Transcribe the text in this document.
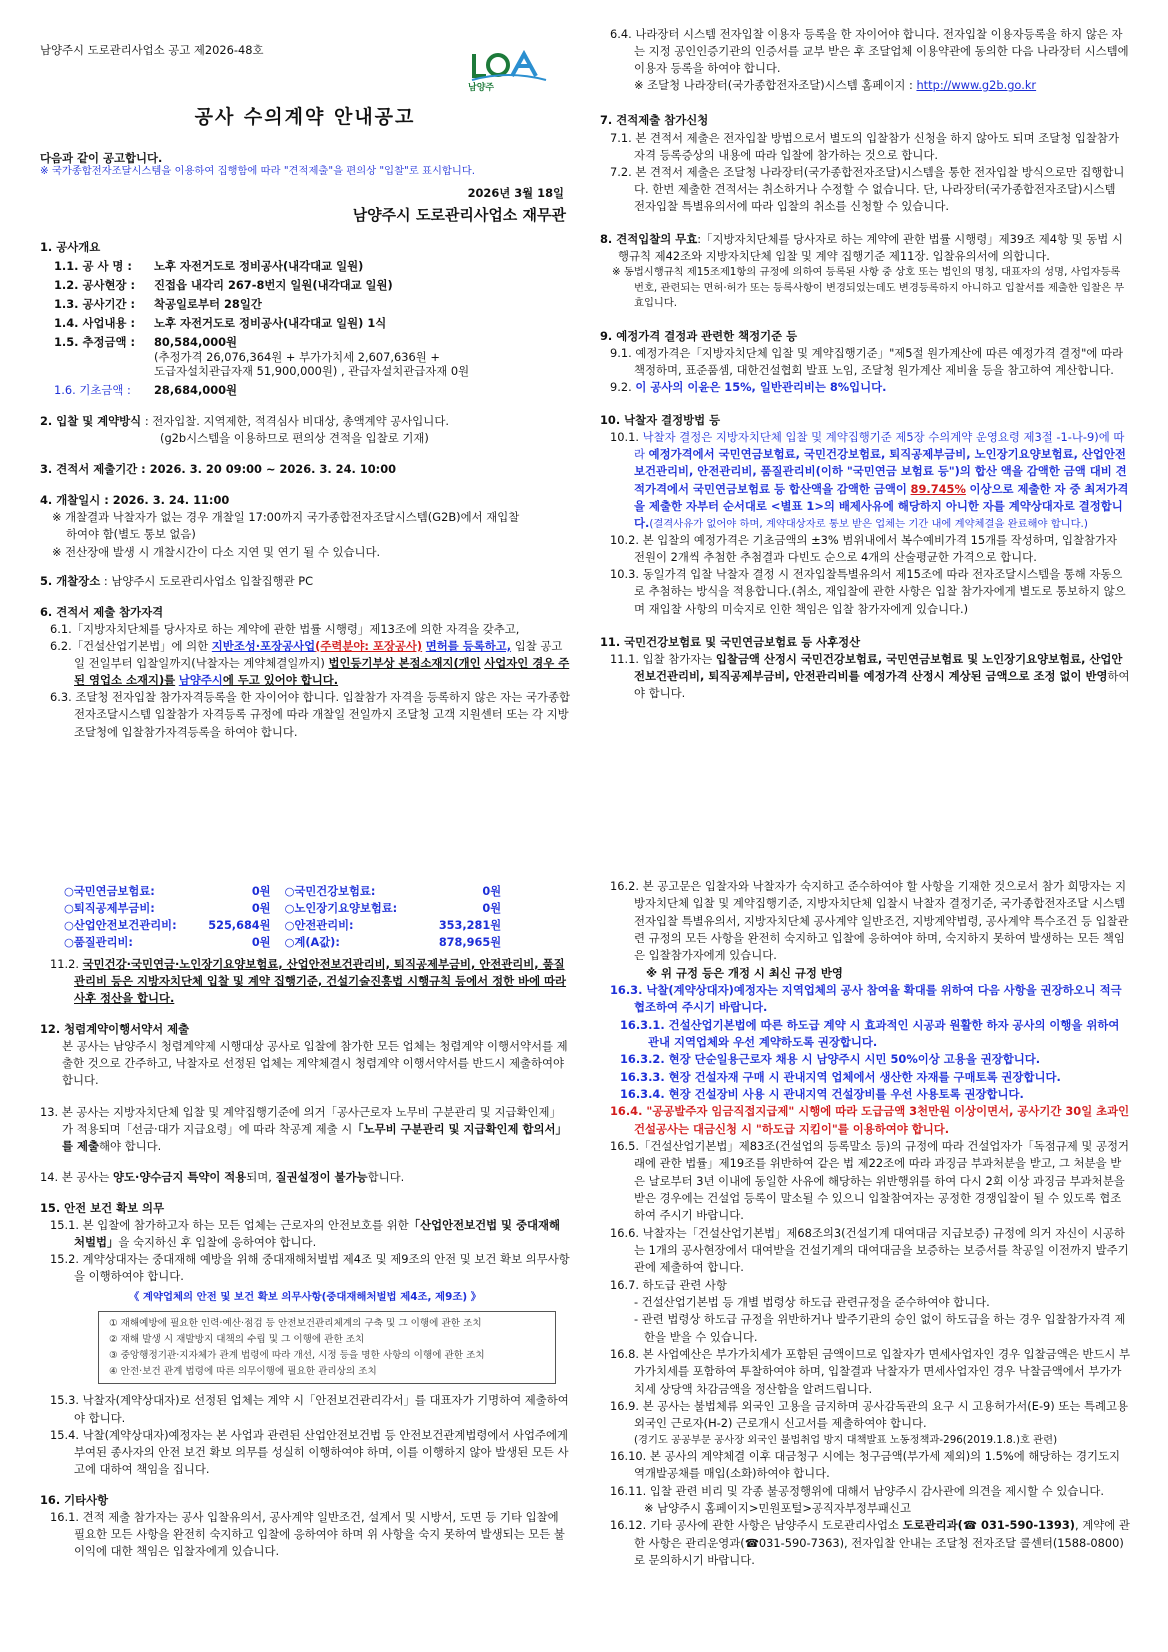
남양주시 도로관리사업소 공고 제2026-48호

공사 수의계약 안내공고

다음과 같이 공고합니다.

※ 국가종합전자조달시스템을 이용하여 집행함에 따라 "견적제출"을 편의상 "입찰"로 표시합니다.

2026년 3월 18일

남양주시 도로관리사업소 재무관

1. 공사개요

1.1. 공 사 명 :	노후 자전거도로 정비공사(내각대교 일원)
1.2. 공사현장 :	진접읍 내각리 267-8번지 일원(내각대교 일원)
1.3. 공사기간 :	착공일로부터 28일간
1.4. 사업내용 :	노후 자전거도로 정비공사(내각대교 일원) 1식
1.5. 추정금액 :	80,584,000원
(추정가격 26,076,364원 + 부가가치세 2,607,636원 +
도급자설치관급자재 51,900,000원) , 관급자설치관급자재 0원
1.6. 기초금액 :	28,684,000원

2. 입찰 및 계약방식 : 전자입찰. 지역제한, 적격심사 비대상, 총액계약 공사입니다.

(g2b시스템을 이용하므로 편의상 견적을 입찰로 기재)

3. 견적서 제출기간 : 2026. 3. 20 09:00 ~ 2026. 3. 24. 10:00

4. 개찰일시 : 2026. 3. 24. 11:00

※ 개찰결과 낙찰자가 없는 경우 개찰일 17:00까지 국가종합전자조달시스템(G2B)에서 재입찰

하여야 함(별도 통보 없음)

※ 전산장애 발생 시 개찰시간이 다소 지연 및 연기 될 수 있습니다.

5. 개찰장소 : 남양주시 도로관리사업소 입찰집행관 PC

6. 견적서 제출 참가자격

6.1.「지방자치단체를 당사자로 하는 계약에 관한 법률 시행령」제13조에 의한 자격을 갖추고,

6.2.「건설산업기본법」에 의한 지반조성·포장공사업(주력분야: 포장공사) 면허를 등록하고, 입찰 공고일 전일부터 입찰일까지(낙찰자는 계약체결일까지) 법인등기부상 본점소재지(개인 사업자인 경우 주된 영업소 소재지)를 남양주시에 두고 있어야 합니다.

6.3. 조달청 전자입찰 참가자격등록을 한 자이어야 합니다. 입찰참가 자격을 등록하지 않은 자는 국가종합전자조달시스템 입찰참가 자격등록 규정에 따라 개찰일 전일까지 조달청 고객 지원센터 또는 각 지방조달청에 입찰참가자격등록을 하여야 합니다.

남양주

6.4. 나라장터 시스템 전자입찰 이용자 등록을 한 자이어야 합니다. 전자입찰 이용자등록을 하지 않은 자는 지정 공인인증기관의 인증서를 교부 받은 후 조달업체 이용약관에 동의한 다음 나라장터 시스템에 이용자 등록을 하여야 합니다.

※ 조달청 나라장터(국가종합전자조달)시스템 홈페이지 : http://www.g2b.go.kr

7. 견적제출 참가신청

7.1. 본 견적서 제출은 전자입찰 방법으로서 별도의 입찰참가 신청을 하지 않아도 되며 조달청 입찰참가 자격 등록증상의 내용에 따라 입찰에 참가하는 것으로 합니다.

7.2. 본 견적서 제출은 조달청 나라장터(국가종합전자조달)시스템을 통한 전자입찰 방식으로만 집행합니다. 한번 제출한 견적서는 취소하거나 수정할 수 없습니다. 단, 나라장터(국가종합전자조달)시스템 전자입찰 특별유의서에 따라 입찰의 취소를 신청할 수 있습니다.

8. 견적입찰의 무효:「지방자치단체를 당사자로 하는 계약에 관한 법률 시행령」제39조 제4항 및 동법 시행규칙 제42조와 지방자치단체 입찰 및 계약 집행기준 제11장. 입찰유의서에 의합니다.

※ 동법시행규칙 제15조제1항의 규정에 의하여 등록된 사항 중 상호 또는 법인의 명칭, 대표자의 성명, 사업자등록번호, 관련되는 면허·허가 또는 등록사항이 변경되었는데도 변경등록하지 아니하고 입찰서를 제출한 입찰은 무효입니다.

9. 예정가격 결정과 관련한 책정기준 등

9.1. 예정가격은「지방자치단체 입찰 및 계약집행기준」"제5절 원가계산에 따른 예정가격 결정"에 따라 책정하며, 표준품셈, 대한건설협회 발표 노임, 조달청 원가계산 제비율 등을 참고하여 계산합니다.

9.2. 이 공사의 이윤은 15%, 일반관리비는 8%입니다.

10. 낙찰자 결정방법 등

10.1. 낙찰자 결정은 지방자치단체 입찰 및 계약집행기준 제5장 수의계약 운영요령 제3절 -1-나-9)에 따라 예정가격에서 국민연금보험료, 국민건강보험료, 퇴직공제부금비, 노인장기요양보험료, 산업안전보건관리비, 안전관리비, 품질관리비(이하 "국민연금 보험료 등")의 합산 액을 감액한 금액 대비 견적가격에서 국민연금보험료 등 합산액을 감액한 금액이 89.745% 이상으로 제출한 자 중 최저가격을 제출한 자부터 순서대로 <별표 1>의 배제사유에 해당하지 아니한 자를 계약상대자로 결정합니다.(결격사유가 없어야 하며, 계약대상자로 통보 받은 업체는 기간 내에 계약체결을 완료해야 합니다.)

10.2. 본 입찰의 예정가격은 기초금액의 ±3% 범위내에서 복수예비가격 15개를 작성하며, 입찰참가자 전원이 2개씩 추첨한 추첨결과 다빈도 순으로 4개의 산술평균한 가격으로 합니다.

10.3. 동일가격 입찰 낙찰자 결정 시 전자입찰특별유의서 제15조에 따라 전자조달시스템을 통해 자동으로 추첨하는 방식을 적용합니다.(취소, 재입찰에 관한 사항은 입찰 참가자에게 별도로 통보하지 않으며 재입찰 사항의 미숙지로 인한 책임은 입찰 참가자에게 있습니다.)

11. 국민건강보험료 및 국민연금보험료 등 사후정산

11.1. 입찰 참가자는 입찰금액 산정시 국민건강보험료, 국민연금보험료 및 노인장기요양보험료, 산업안전보건관리비, 퇴직공제부금비, 안전관리비를 예정가격 산정시 계상된 금액으로 조정 없이 반영하여야 합니다.

○국민연금보험료:	0원	○국민건강보험료:	0원
○퇴직공제부금비:	0원	○노인장기요양보험료:	0원
○산업안전보건관리비:	525,684원	○안전관리비:	353,281원
○품질관리비:	0원	○계(A값):	878,965원

11.2. 국민건강·국민연금·노인장기요양보험료, 산업안전보건관리비, 퇴직공제부금비, 안전관리비, 품질관리비 등은 지방자치단체 입찰 및 계약 집행기준, 건설기술진흥법 시행규칙 등에서 정한 바에 따라 사후 정산을 합니다.

12. 청렴계약이행서약서 제출

본 공사는 남양주시 청렴계약제 시행대상 공사로 입찰에 참가한 모든 업체는 청렴계약 이행서약서를 제출한 것으로 간주하고, 낙찰자로 선정된 업체는 계약체결시 청렴계약 이행서약서를 반드시 제출하여야 합니다.

13. 본 공사는 지방자치단체 입찰 및 계약집행기준에 의거「공사근로자 노무비 구분관리 및 지급확인제」가 적용되며「선금·대가 지급요령」에 따라 착공계 제출 시「노무비 구분관리 및 지급확인제 합의서」를 제출해야 합니다.

14. 본 공사는 양도·양수금지 특약이 적용되며, 질권설정이 불가능합니다.

15. 안전 보건 확보 의무

15.1. 본 입찰에 참가하고자 하는 모든 업체는 근로자의 안전보호를 위한「산업안전보건법 및 중대재해처벌법」을 숙지하신 후 입찰에 응하여야 합니다.

15.2. 계약상대자는 중대재해 예방을 위해 중대재해처벌법 제4조 및 제9조의 안전 및 보건 확보 의무사항을 이행하여야 합니다.

《 계약업체의 안전 및 보건 확보 의무사항(중대재해처벌법 제4조, 제9조) 》

① 재해예방에 필요한 인력·예산·점검 등 안전보건관리체계의 구축 및 그 이행에 관한 조치
② 재해 발생 시 재발방지 대책의 수립 및 그 이행에 관한 조치
③ 중앙행정기관·지자체가 관계 법령에 따라 개선, 시정 등을 명한 사항의 이행에 관한 조치
④ 안전·보건 관계 법령에 따른 의무이행에 필요한 관리상의 조치

15.3. 낙찰자(계약상대자)로 선정된 업체는 계약 시「안전보건관리각서」를 대표자가 기명하여 제출하여야 합니다.

15.4. 낙찰(계약상대자)예정자는 본 사업과 관련된 산업안전보건법 등 안전보건관계법령에서 사업주에게 부여된 종사자의 안전 보건 확보 의무를 성실히 이행하여야 하며, 이를 이행하지 않아 발생된 모든 사고에 대하여 책임을 집니다.

16. 기타사항

16.1. 견적 제출 참가자는 공사 입찰유의서, 공사계약 일반조건, 설계서 및 시방서, 도면 등 기타 입찰에 필요한 모든 사항을 완전히 숙지하고 입찰에 응하여야 하며 위 사항을 숙지 못하여 발생되는 모든 불이익에 대한 책임은 입찰자에게 있습니다.

16.2. 본 공고문은 입찰자와 낙찰자가 숙지하고 준수하여야 할 사항을 기재한 것으로서 참가 희망자는 지방자치단체 입찰 및 계약집행기준, 지방자치단체 입찰시 낙찰자 결정기준, 국가종합전자조달 시스템 전자입찰 특별유의서, 지방자치단체 공사계약 일반조건, 지방계약법령, 공사계약 특수조건 등 입찰관련 규정의 모든 사항을 완전히 숙지하고 입찰에 응하여야 하며, 숙지하지 못하여 발생하는 모든 책임은 입찰참가자에게 있습니다.

※ 위 규정 등은 개정 시 최신 규정 반영

16.3. 낙찰(계약상대자)예정자는 지역업체의 공사 참여율 확대를 위하여 다음 사항을 권장하오니 적극 협조하여 주시기 바랍니다.

16.3.1. 건설산업기본법에 따른 하도급 계약 시 효과적인 시공과 원활한 하자 공사의 이행을 위하여 관내 지역업체와 우선 계약하도록 권장합니다.

16.3.2. 현장 단순일용근로자 채용 시 남양주시 시민 50%이상 고용을 권장합니다.

16.3.3. 현장 건설자재 구매 시 관내지역 업체에서 생산한 자재를 구매토록 권장합니다.

16.3.4. 현장 건설장비 사용 시 관내지역 건설장비를 우선 사용토록 권장합니다.

16.4. "공공발주자 임금직접지급제" 시행에 따라 도급금액 3천만원 이상이면서, 공사기간 30일 초과인 건설공사는 대금신청 시 "하도급 지킴이"를 이용하여야 합니다.

16.5.「건설산업기본법」제83조(건설업의 등록말소 등)의 규정에 따라 건설업자가「독점규제 및 공정거래에 관한 법률」제19조를 위반하여 같은 법 제22조에 따라 과징금 부과처분을 받고, 그 처분을 받은 날로부터 3년 이내에 동일한 사유에 해당하는 위반행위를 하여 다시 2회 이상 과징금 부과처분을 받은 경우에는 건설업 등록이 말소될 수 있으니 입찰참여자는 공정한 경쟁입찰이 될 수 있도록 협조하여 주시기 바랍니다.

16.6. 낙찰자는「건설산업기본법」제68조의3(건설기계 대여대금 지급보증) 규정에 의거 자신이 시공하는 1개의 공사현장에서 대여받을 건설기계의 대여대금을 보증하는 보증서를 착공일 이전까지 발주기관에 제출하여 합니다.

16.7. 하도급 관련 사항

- 건설산업기본법 등 개별 법령상 하도급 관련규정을 준수하여야 합니다.

- 관련 법령상 하도급 규정을 위반하거나 발주기관의 승인 없이 하도급을 하는 경우 입찰참가자격 제한을 받을 수 있습니다.

16.8. 본 사업예산은 부가가치세가 포함된 금액이므로 입찰자가 면세사업자인 경우 입찰금액은 반드시 부가가치세를 포함하여 투찰하여야 하며, 입찰결과 낙찰자가 면세사업자인 경우 낙찰금액에서 부가가치세 상당액 차감금액을 정산함을 알려드립니다.

16.9. 본 공사는 불법체류 외국인 고용을 금지하며 공사감독관의 요구 시 고용허가서(E-9) 또는 특례고용 외국인 근로자(H-2) 근로개시 신고서를 제출하여야 합니다.

(경기도 공공부문 공사장 외국인 불법취업 방지 대책발표 노동정책과-296(2019.1.8.)호 관련)

16.10. 본 공사의 계약체결 이후 대금청구 시에는 청구금액(부가세 제외)의 1.5%에 해당하는 경기도지역개발공채를 매입(소화)하여야 합니다.

16.11. 입찰 관련 비리 및 각종 불공정행위에 대해서 남양주시 감사관에 의견을 제시할 수 있습니다.

※ 남양주시 홈페이지>민원포털>공직자부정부패신고

16.12. 기타 공사에 관한 사항은 남양주시 도로관리사업소 도로관리과(☎ 031-590-1393), 계약에 관한 사항은 관리운영과(☎031-590-7363), 전자입찰 안내는 조달청 전자조달 콜센터(1588-0800)로 문의하시기 바랍니다.
